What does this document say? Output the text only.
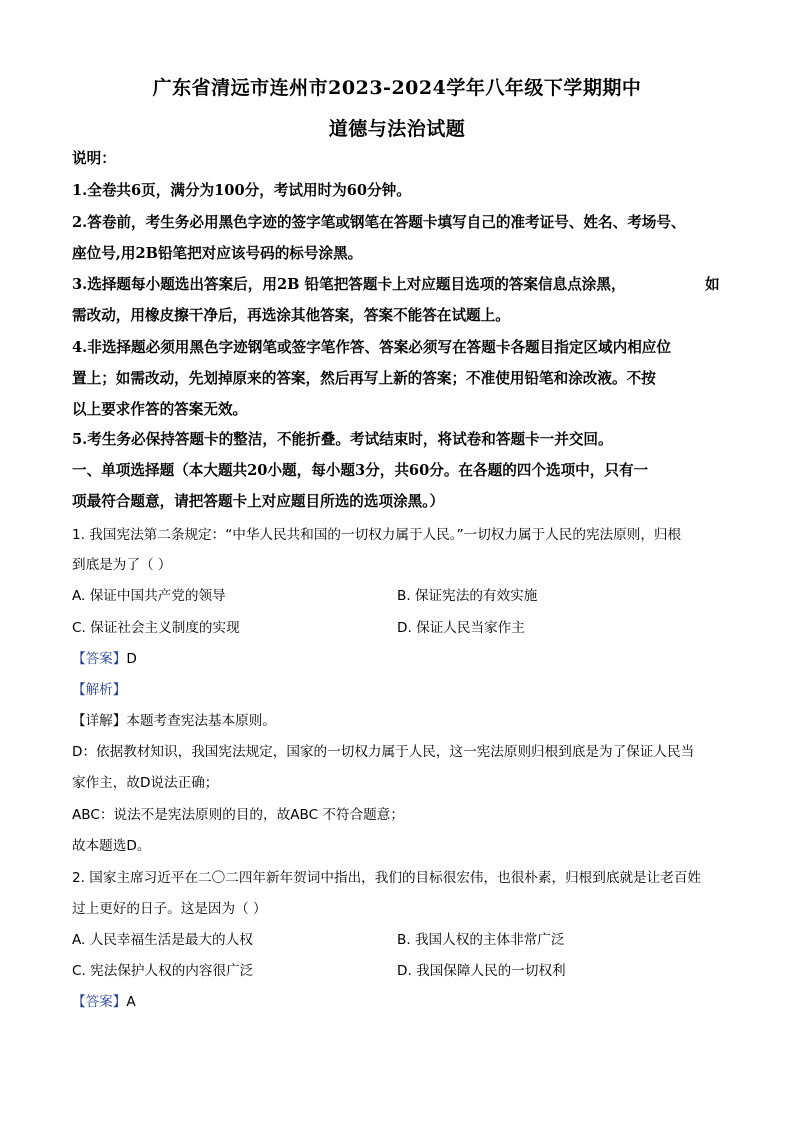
广东省清远市连州市2023-2024学年八年级下学期期中
道德与法治试题
说明：
1.全卷共6页，满分为100分，考试用时为60分钟。
2.答卷前，考生务必用黑色字迹的签字笔或钢笔在答题卡填写自己的准考证号、姓名、考场号、
座位号,用2B铅笔把对应该号码的标号涂黑。
3.选择题每小题选出答案后，用2B 铅笔把答题卡上对应题目选项的答案信息点涂黑，	如
需改动，用橡皮擦干净后，再选涂其他答案，答案不能答在试题上。
4.非选择题必须用黑色字迹钢笔或签字笔作答、答案必须写在答题卡各题目指定区域内相应位
置上；如需改动，先划掉原来的答案，然后再写上新的答案；不准使用铅笔和涂改液。不按
以上要求作答的答案无效。
5.考生务必保持答题卡的整洁，不能折叠。考试结束时，将试卷和答题卡一并交回。
一、单项选择题（本大题共20小题，每小题3分，共60分。在各题的四个选项中，只有一
项最符合题意，请把答题卡上对应题目所选的选项涂黑。）
1. 我国宪法第二条规定：“中华人民共和国的一切权力属于人民。”一切权力属于人民的宪法原则，归根
到底是为了（ ）
A. 保证中国共产党的领导	B. 保证宪法的有效实施
C. 保证社会主义制度的实现	D. 保证人民当家作主
【答案】D
【解析】
【详解】本题考查宪法基本原则。
D：依据教材知识，我国宪法规定，国家的一切权力属于人民，这一宪法原则归根到底是为了保证人民当
家作主，故D说法正确；
ABC：说法不是宪法原则的目的，故ABC 不符合题意；
故本题选D。
2. 国家主席习近平在二〇二四年新年贺词中指出，我们的目标很宏伟，也很朴素，归根到底就是让老百姓
过上更好的日子。这是因为（ ）
A. 人民幸福生活是最大的人权	B. 我国人权的主体非常广泛
C. 宪法保护人权的内容很广泛	D. 我国保障人民的一切权利
【答案】A
